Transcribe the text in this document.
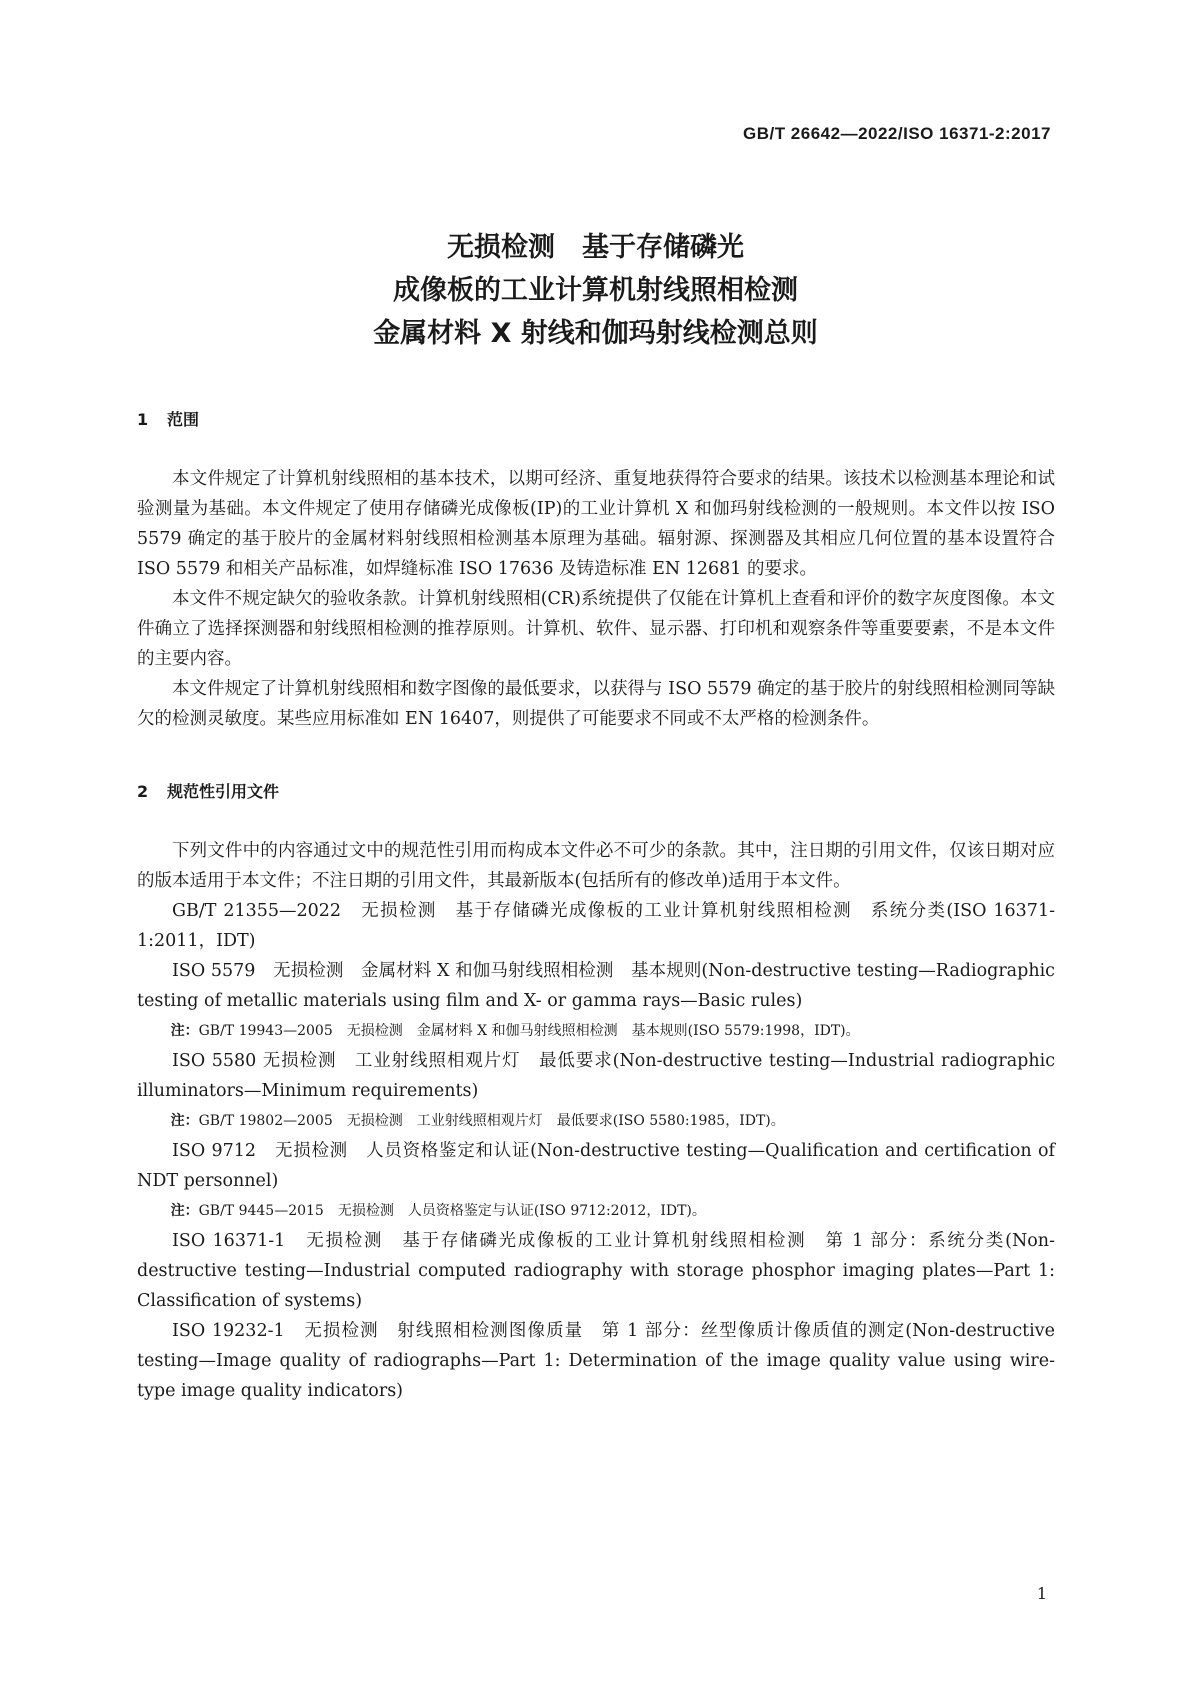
GB/T 26642—2022/ISO 16371-2:2017
无损检测　基于存储磷光
成像板的工业计算机射线照相检测
金属材料 X 射线和伽玛射线检测总则
1 范围

本文件规定了计算机射线照相的基本技术，以期可经济、重复地获得符合要求的结果。该技术以检测基本理论和试验测量为基础。本文件规定了使用存储磷光成像板(IP)的工业计算机 X 和伽玛射线检测的一般规则。本文件以按 ISO 5579 确定的基于胶片的金属材料射线照相检测基本原理为基础。辐射源、探测器及其相应几何位置的基本设置符合 ISO 5579 和相关产品标准，如焊缝标准 ISO 17636 及铸造标准 EN 12681 的要求。

本文件不规定缺欠的验收条款。计算机射线照相(CR)系统提供了仅能在计算机上查看和评价的数字灰度图像。本文件确立了选择探测器和射线照相检测的推荐原则。计算机、软件、显示器、打印机和观察条件等重要要素，不是本文件的主要内容。

本文件规定了计算机射线照相和数字图像的最低要求，以获得与 ISO 5579 确定的基于胶片的射线照相检测同等缺欠的检测灵敏度。某些应用标准如 EN 16407，则提供了可能要求不同或不太严格的检测条件。

2 规范性引用文件

下列文件中的内容通过文中的规范性引用而构成本文件必不可少的条款。其中，注日期的引用文件，仅该日期对应的版本适用于本文件；不注日期的引用文件，其最新版本(包括所有的修改单)适用于本文件。

GB/T 21355—2022　无损检测　基于存储磷光成像板的工业计算机射线照相检测　系统分类(ISO 16371-1:2011，IDT)

ISO 5579　无损检测　金属材料 X 和伽马射线照相检测　基本规则(Non-destructive testing—Radiographic testing of metallic materials using film and X- or gamma rays—Basic rules)

注：GB/T 19943—2005　无损检测　金属材料 X 和伽马射线照相检测　基本规则(ISO 5579:1998，IDT)。

ISO 5580 无损检测　工业射线照相观片灯　最低要求(Non-destructive testing—Industrial radiographic illuminators—Minimum requirements)

注：GB/T 19802—2005　无损检测　工业射线照相观片灯　最低要求(ISO 5580:1985，IDT)。

ISO 9712　无损检测　人员资格鉴定和认证(Non-destructive testing—Qualification and certification of NDT personnel)

注：GB/T 9445—2015　无损检测　人员资格鉴定与认证(ISO 9712:2012，IDT)。

ISO 16371-1　无损检测　基于存储磷光成像板的工业计算机射线照相检测　第 1 部分：系统分类(Non-destructive testing—Industrial computed radiography with storage phosphor imaging plates—Part 1: Classification of systems)

ISO 19232-1　无损检测　射线照相检测图像质量　第 1 部分：丝型像质计像质值的测定(Non-destructive testing—Image quality of radiographs—Part 1: Determination of the image quality value using wire-type image quality indicators)

1
